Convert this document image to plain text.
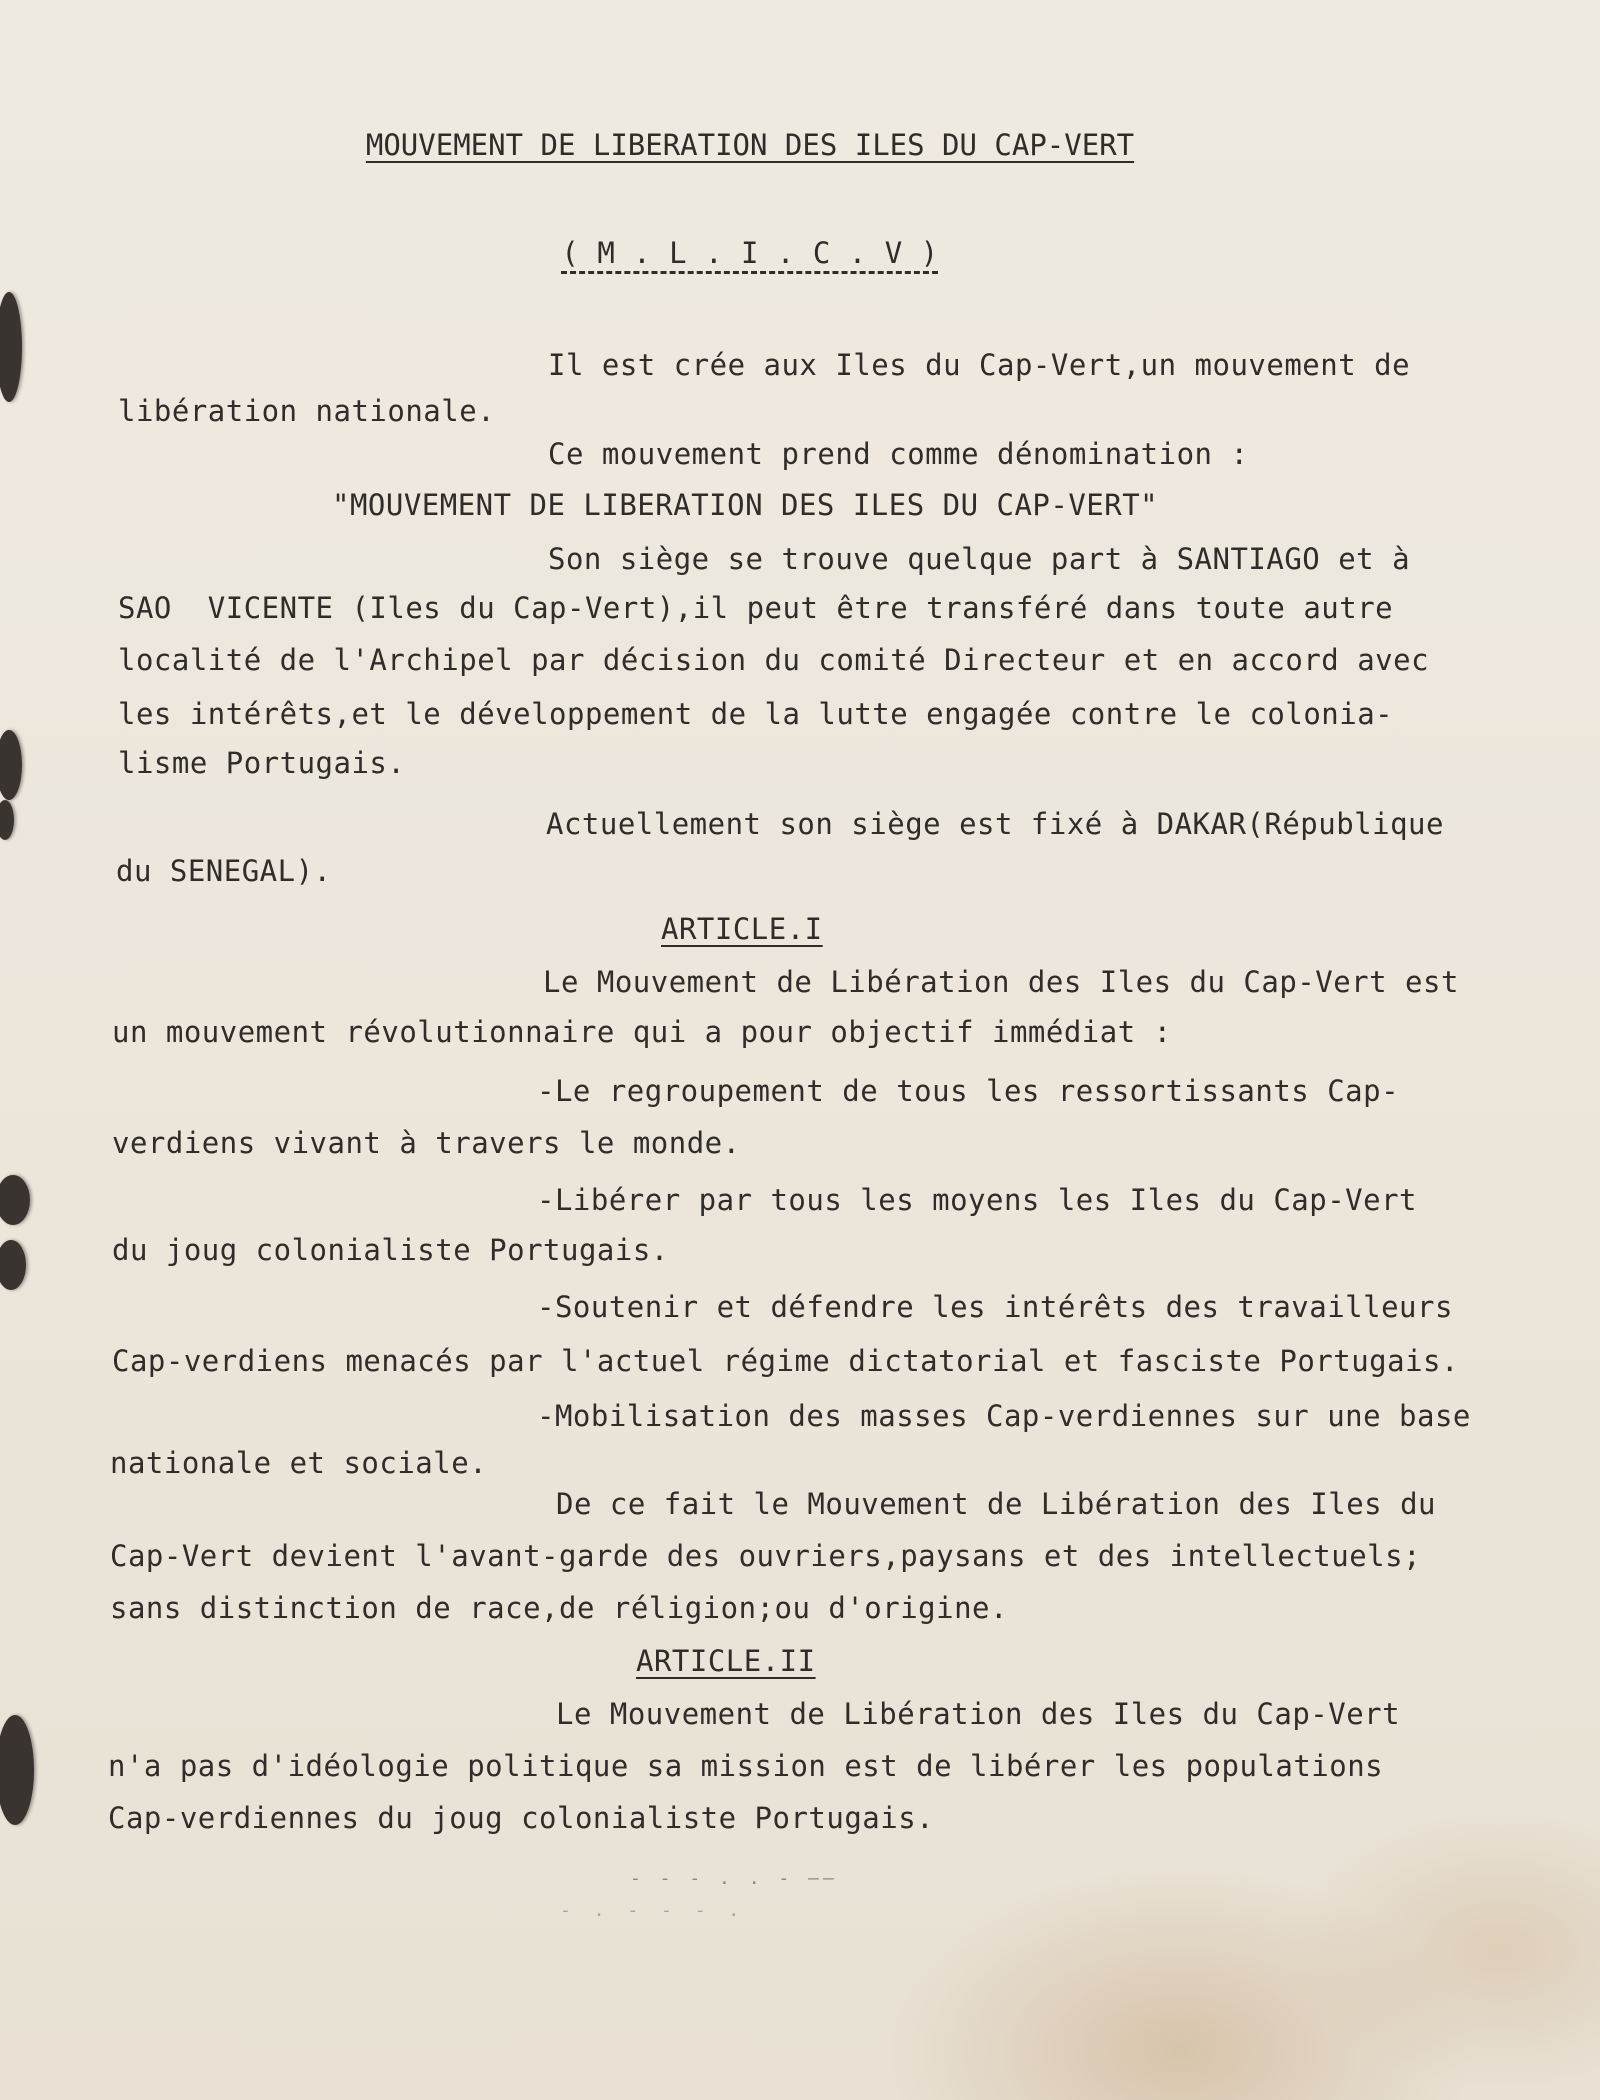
MOUVEMENT DE LIBERATION DES ILES DU CAP-VERT
( M . L . I . C . V )
Il est crée aux Iles du Cap-Vert,un mouvement de
libération nationale.
Ce mouvement prend comme dénomination :
"MOUVEMENT DE LIBERATION DES ILES DU CAP-VERT"
Son siège se trouve quelque part à SANTIAGO et à
SAO  VICENTE (Iles du Cap-Vert),il peut être transféré dans toute autre
localité de l'Archipel par décision du comité Directeur et en accord avec
les intérêts,et le développement de la lutte engagée contre le colonia-
lisme Portugais.
Actuellement son siège est fixé à DAKAR(République
du SENEGAL).
ARTICLE.I
Le Mouvement de Libération des Iles du Cap-Vert est
un mouvement révolutionnaire qui a pour objectif immédiat :
-Le regroupement de tous les ressortissants Cap-
verdiens vivant à travers le monde.
-Libérer par tous les moyens les Iles du Cap-Vert
du joug colonialiste Portugais.
-Soutenir et défendre les intérêts des travailleurs
Cap-verdiens menacés par l'actuel régime dictatorial et fasciste Portugais.
-Mobilisation des masses Cap-verdiennes sur une base
nationale et sociale.
De ce fait le Mouvement de Libération des Iles du
Cap-Vert devient l'avant-garde des ouvriers,paysans et des intellectuels;
sans distinction de race,de réligion;ou d'origine.
ARTICLE.II
Le Mouvement de Libération des Iles du Cap-Vert
n'a pas d'idéologie politique sa mission est de libérer les populations
Cap-verdiennes du joug colonialiste Portugais.
- - - . . - ——
- . - - - .
